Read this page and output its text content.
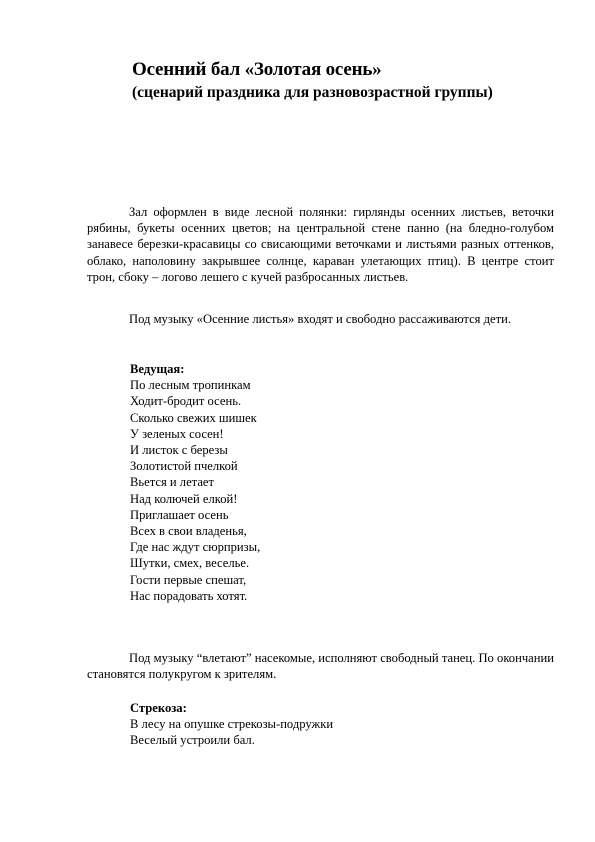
Осенний бал «Золотая осень»
(сценарий праздника для разновозрастной группы)

Зал оформлен в виде лесной полянки: гирлянды осенних листьев, веточки рябины, букеты осенних цветов; на центральной стене панно (на бледно-голубом занавесе березки-красавицы со свисающими веточками и листьями разных оттенков, облако, наполовину закрывшее солнце, караван улетающих птиц). В центре стоит трон, сбоку – логово лешего с кучей разбросанных листьев.

Под музыку «Осенние листья» входят и свободно рассаживаются дети.

Ведущая:
По лесным тропинкам
Ходит-бродит осень.
Сколько свежих шишек
У зеленых сосен!
И листок с березы
Золотистой пчелкой
Вьется и летает
Над колючей елкой!
Приглашает осень
Всех в свои владенья,
Где нас ждут сюрпризы,
Шутки, смех, веселье.
Гости первые спешат,
Нас порадовать хотят.

Под музыку “влетают” насекомые, исполняют свободный танец. По окончании становятся полукругом к зрителям.

Стрекоза:
В лесу на опушке стрекозы-подружки
Веселый устроили бал.
